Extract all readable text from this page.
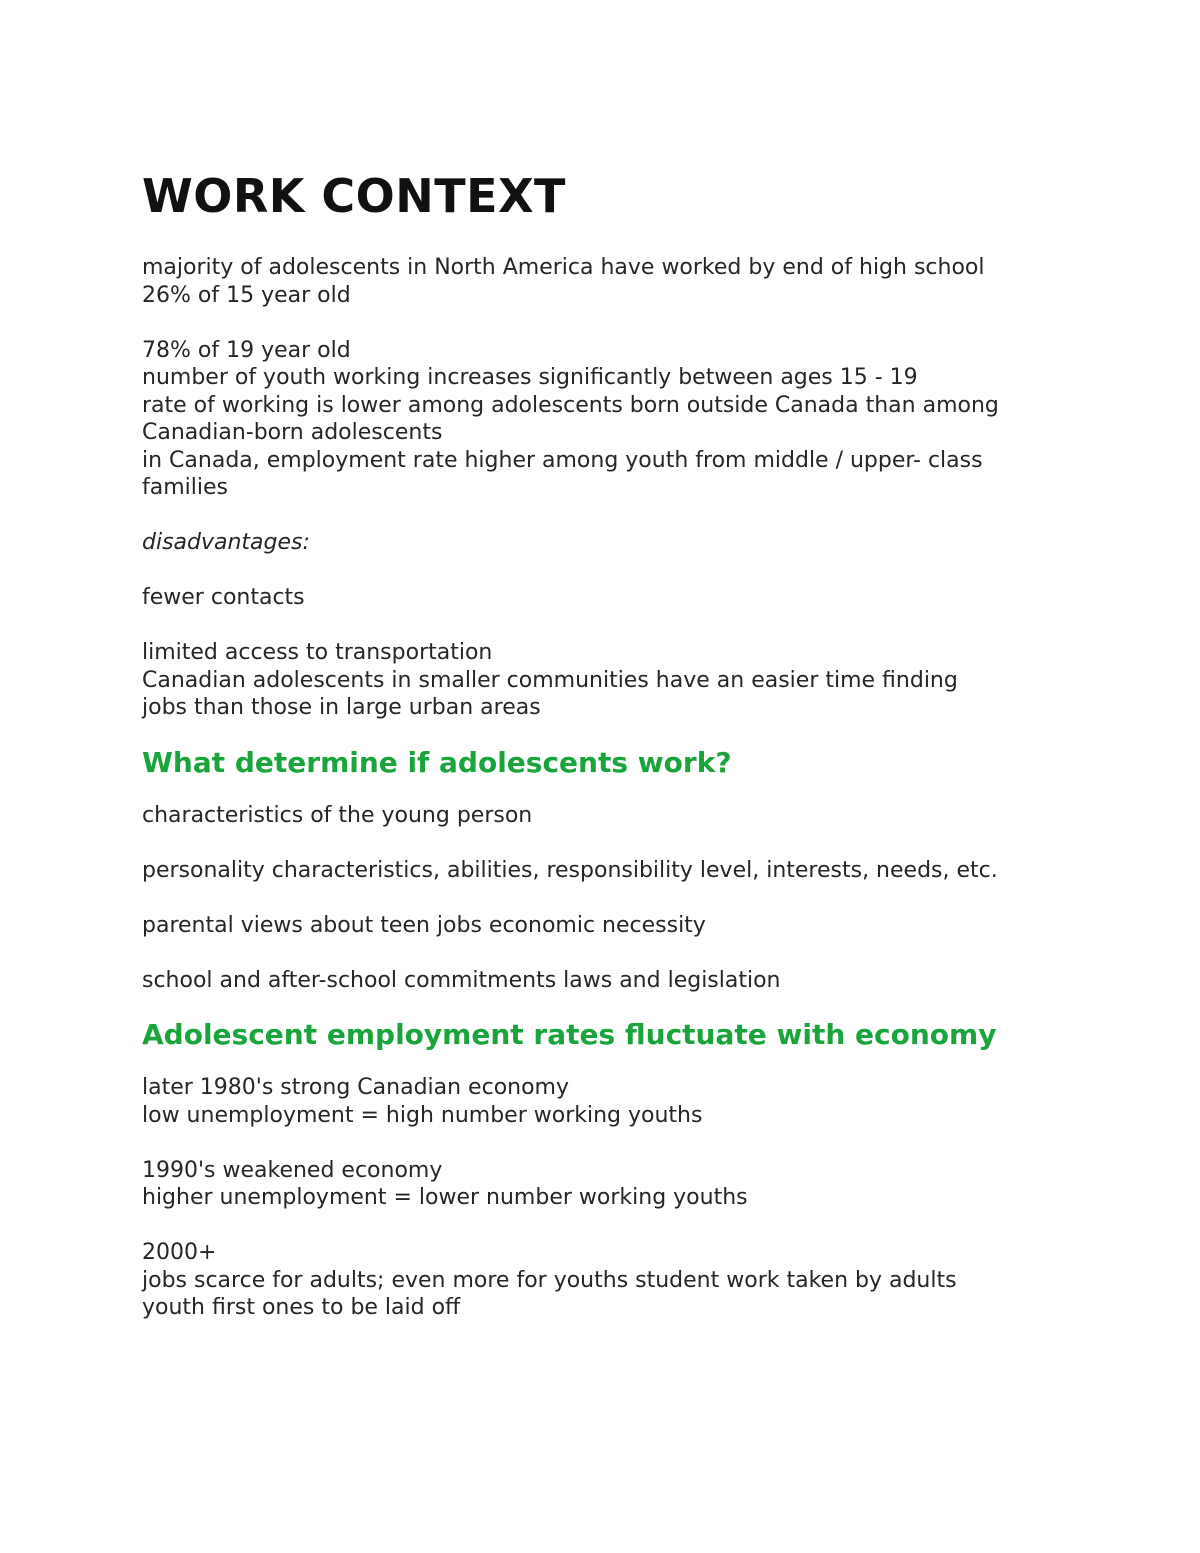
WORK CONTEXT

majority of adolescents in North America have worked by end of high school

26% of 15 year old

78% of 19 year old

number of youth working increases significantly between ages 15 - 19

rate of working is lower among adolescents born outside Canada than among

Canadian-born adolescents

in Canada, employment rate higher among youth from middle / upper- class

families

disadvantages:

fewer contacts

limited access to transportation

Canadian adolescents in smaller communities have an easier time finding

jobs than those in large urban areas

What determine if adolescents work?

characteristics of the young person

personality characteristics, abilities, responsibility level, interests, needs, etc.

parental views about teen jobs economic necessity

school and after-school commitments laws and legislation

Adolescent employment rates fluctuate with economy

later 1980's strong Canadian economy

low unemployment = high number working youths

1990's weakened economy

higher unemployment = lower number working youths

2000+

jobs scarce for adults; even more for youths student work taken by adults

youth first ones to be laid off
